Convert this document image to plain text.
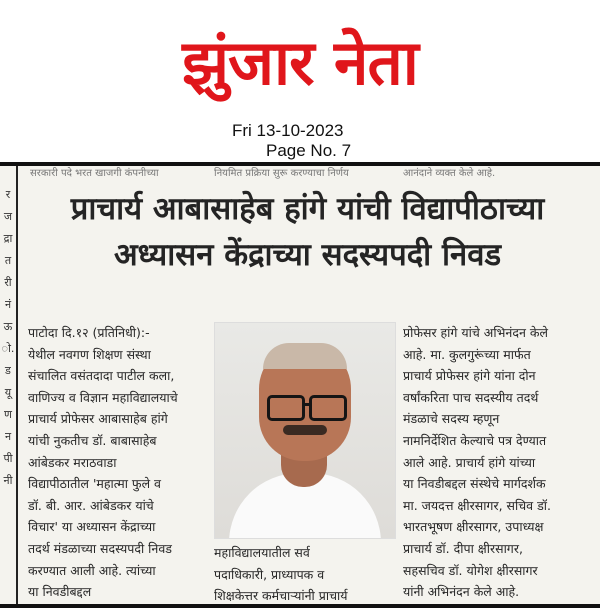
झुंजार नेता
Fri 13-10-2023
Page No. 7
सरकारी पदे भरत खाजगी कंपनीच्या	नियमित प्रक्रिया सुरू करण्याचा निर्णय	आनंदाने व्यक्त केले आहे.
र
ज
द्रा
त
री
नं
ऊ
ो.
ड
यू
ण
न
पी
नी
प्राचार्य आबासाहेब हांगे यांची विद्यापीठाच्या
अध्यासन केंद्राच्या सदस्यपदी निवड
पाटोदा दि.१२ (प्रतिनिधी):-
येथील नवगण शिक्षण संस्था
संचालित वसंतदादा पाटील कला,
वाणिज्य व विज्ञान महाविद्यालयाचे
प्राचार्य प्रोफेसर आबासाहेब हांगे
यांची नुकतीच डॉ. बाबासाहेब
आंबेडकर मराठवाडा
विद्यापीठातील 'महात्मा फुले व
डॉ. बी. आर. आंबेडकर यांचे
विचार' या अध्यासन केंद्राच्या
तदर्थ मंडळाच्या सदस्यपदी निवड
करण्यात आली आहे. त्यांच्या
या निवडीबद्दल
महाविद्यालयातील सर्व
पदाधिकारी, प्राध्यापक व
शिक्षकेत्तर कर्मचाऱ्यांनी प्राचार्य
प्रोफेसर हांगे यांचे अभिनंदन केले
आहे. मा. कुलगुरूंच्या मार्फत
प्राचार्य प्रोफेसर हांगे यांना दोन
वर्षांकरिता पाच सदस्यीय तदर्थ
मंडळाचे सदस्य म्हणून
नामनिर्देशित केल्याचे पत्र देण्यात
आले आहे. प्राचार्य हांगे यांच्या
या निवडीबद्दल संस्थेचे मार्गदर्शक
मा. जयदत्त क्षीरसागर, सचिव डॉ.
भारतभूषण क्षीरसागर, उपाध्यक्ष
प्राचार्य डॉ. दीपा क्षीरसागर,
सहसचिव डॉ. योगेश क्षीरसागर
यांनी अभिनंदन केले आहे.
